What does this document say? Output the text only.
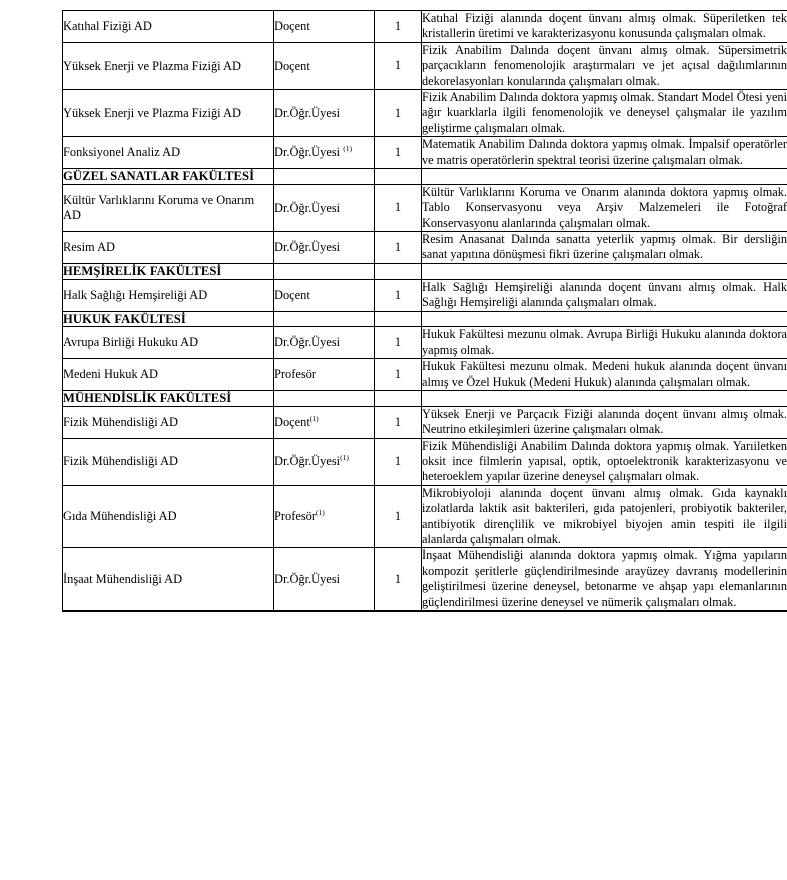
Katıhal Fiziği AD	Doçent	1	Katıhal Fiziği alanında doçent ünvanı almış olmak. Süperiletken tek kristallerin üretimi ve karakterizasyonu konusunda çalışmaları olmak.
Yüksek Enerji ve Plazma Fiziği AD	Doçent	1	Fizik Anabilim Dalında doçent ünvanı almış olmak. Süpersimetrik parçacıkların fenomenolojik araştırmaları ve jet açısal dağılımlarının dekorelasyonları konularında çalışmaları olmak.
Yüksek Enerji ve Plazma Fiziği AD	Dr.Öğr.Üyesi	1	Fizik Anabilim Dalında doktora yapmış olmak. Standart Model Ötesi yeni ağır kuarklarla ilgili fenomenolojik ve deneysel çalışmalar ile yazılım geliştirme çalışmaları olmak.
Fonksiyonel Analiz AD	Dr.Öğr.Üyesi $^{(1)}$	1	Matematik Anabilim Dalında doktora yapmış olmak. İmpalsif operatörler ve matris operatörlerin spektral teorisi üzerine çalışmaları olmak.
GÜZEL SANATLAR FAKÜLTESİ			
Kültür Varlıklarını Koruma ve Onarım AD	Dr.Öğr.Üyesi	1	Kültür Varlıklarını Koruma ve Onarım alanında doktora yapmış olmak. Tablo Konservasyonu veya Arşiv Malzemeleri ile Fotoğraf Konservasyonu alanlarında çalışmaları olmak.
Resim AD	Dr.Öğr.Üyesi	1	Resim Anasanat Dalında sanatta yeterlik yapmış olmak. Bir dersliğin sanat yapıtına dönüşmesi fikri üzerine çalışmaları olmak.
HEMŞİRELİK FAKÜLTESİ			
Halk Sağlığı Hemşireliği AD	Doçent	1	Halk Sağlığı Hemşireliği alanında doçent ünvanı almış olmak. Halk Sağlığı Hemşireliği alanında çalışmaları olmak.
HUKUK FAKÜLTESİ			
Avrupa Birliği Hukuku AD	Dr.Öğr.Üyesi	1	Hukuk Fakültesi mezunu olmak. Avrupa Birliği Hukuku alanında doktora yapmış olmak.
Medeni Hukuk AD	Profesör	1	Hukuk Fakültesi mezunu olmak. Medeni hukuk alanında doçent ünvanı almış ve Özel Hukuk (Medeni Hukuk) alanında çalışmaları olmak.
MÜHENDİSLİK FAKÜLTESİ			
Fizik Mühendisliği AD	Doçent$^{(1)}$	1	Yüksek Enerji ve Parçacık Fiziği alanında doçent ünvanı almış olmak. Neutrino etkileşimleri üzerine çalışmaları olmak.
Fizik Mühendisliği AD	Dr.Öğr.Üyesi$^{(1)}$	1	Fizik Mühendisliği Anabilim Dalında doktora yapmış olmak. Yarıiletken oksit ince filmlerin yapısal, optik, optoelektronik karakterizasyonu ve heteroeklem yapılar üzerine deneysel çalışmaları olmak.
Gıda Mühendisliği AD	Profesör$^{(1)}$	1	Mikrobiyoloji alanında doçent ünvanı almış olmak. Gıda kaynaklı izolatlarda laktik asit bakterileri, gıda patojenleri, probiyotik bakteriler, antibiyotik dirençlilik ve mikrobiyel biyojen amin tespiti ile ilgili alanlarda çalışmaları olmak.
İnşaat Mühendisliği AD	Dr.Öğr.Üyesi	1	İnşaat Mühendisliği alanında doktora yapmış olmak. Yığma yapıların kompozit şeritlerle güçlendirilmesinde arayüzey davranış modellerinin geliştirilmesi üzerine deneysel, betonarme ve ahşap yapı elemanlarının güçlendirilmesi üzerine deneysel ve nümerik çalışmaları olmak.
